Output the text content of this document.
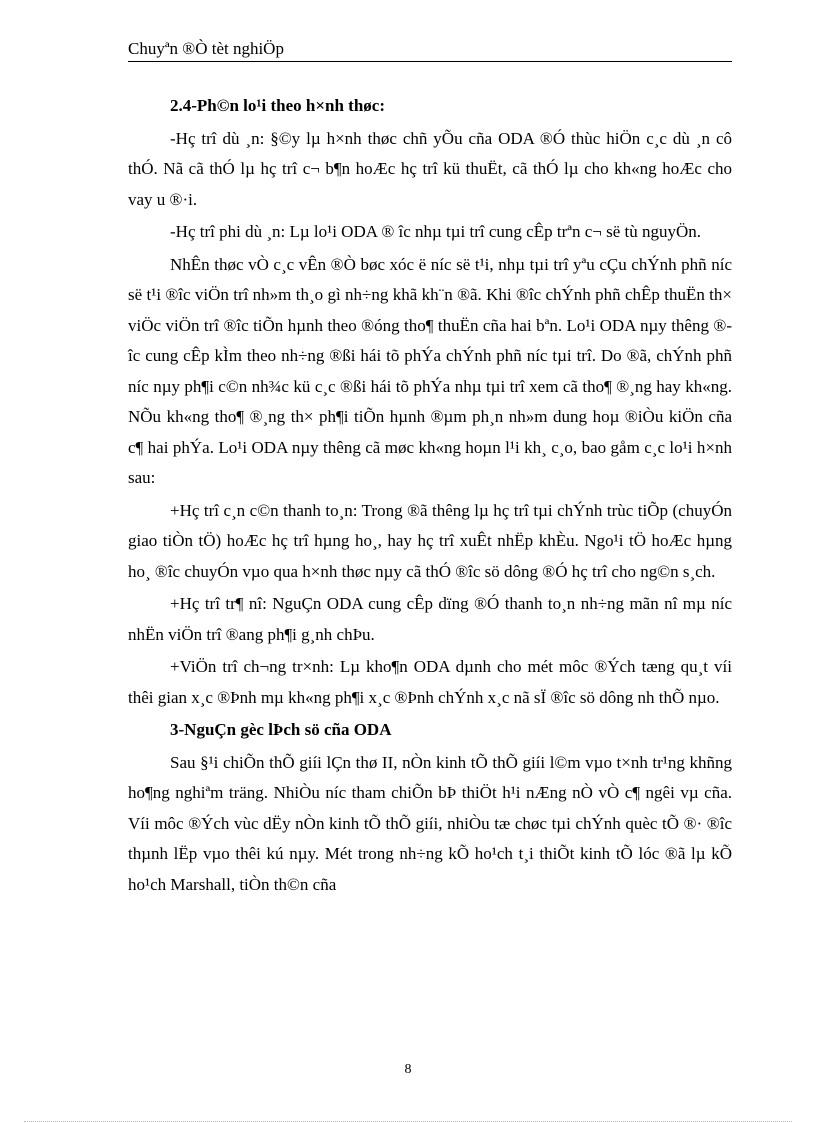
Chuyªn ®Ò tèt nghiÖp

2.4-Ph©n lo¹i theo h×nh thøc:

-Hç trî dù ¸n: §©y lµ h×nh thøc chñ yÕu cña ODA ®Ó thùc hiÖn c¸c dù ¸n cô thÓ. Nã cã thÓ lµ hç trî c¬ b¶n hoÆc hç trî kü thuËt, cã thÓ lµ cho kh«ng hoÆc cho vay u ®·i.

-Hç trî phi dù ¸n: Lµ lo¹i ODA ® îc nhµ tµi trî cung cÊp trªn c¬ së tù nguyÖn.

NhÊn thøc vÒ c¸c vÊn ®Ò bøc xóc ë níc së t¹i, nhµ tµi trî yªu cÇu chÝnh phñ níc së t¹i ®îc viÖn trî nh»m th¸o gì nh÷ng khã kh¨n ®ã. Khi ®îc chÝnh phñ chÊp thuËn th× viÖc viÖn trî ®îc tiÕn hµnh theo ®óng tho¶ thuËn cña hai bªn. Lo¹i ODA nµy thêng ®îc cung cÊp kÌm theo nh÷ng ®ßi hái tõ phÝa chÝnh phñ níc tµi trî. Do ®ã, chÝnh phñ níc nµy ph¶i c©n nh¾c kü c¸c ®ßi hái tõ phÝa nhµ tµi trî xem cã tho¶ ®¸ng hay kh«ng. NÕu kh«ng tho¶ ®¸ng th× ph¶i tiÕn hµnh ®µm ph¸n nh»m dung hoµ ®iÒu kiÖn cña c¶ hai phÝa. Lo¹i ODA nµy thêng cã møc kh«ng hoµn l¹i kh¸ c¸o, bao gåm c¸c lo¹i h×nh sau:

+Hç trî c¸n c©n thanh to¸n: Trong ®ã thêng lµ hç trî tµi chÝnh trùc tiÕp (chuyÓn giao tiÒn tÖ) hoÆc hç trî hµng ho¸, hay hç trî xuÊt nhËp khÈu. Ngo¹i tÖ hoÆc hµng ho¸ ®îc chuyÓn vµo qua h×nh thøc nµy cã thÓ ®îc sö dông ®Ó hç trî cho ng©n s¸ch.

+Hç trî tr¶ nî: NguÇn ODA cung cÊp dïng ®Ó thanh to¸n nh÷ng mãn nî mµ níc nhËn viÖn trî ®ang ph¶i g¸nh chÞu.

+ViÖn trî ch¬ng tr×nh: Lµ kho¶n ODA dµnh cho mét môc ®Ých tæng qu¸t víi thêi gian x¸c ®Þnh mµ kh«ng ph¶i x¸c ®Þnh chÝnh x¸c nã sÏ ®îc sö dông nh thÕ nµo.

3-NguÇn gèc lÞch sö cña ODA

Sau §¹i chiÕn thÕ giíi lÇn thø II, nÒn kinh tÕ thÕ giíi l©m vµo t×nh tr¹ng khñng ho¶ng nghiªm träng. NhiÒu níc tham chiÕn bÞ thiÖt h¹i nÆng nÒ vÒ c¶ ngêi vµ cña. Víi môc ®Ých vùc dËy nÒn kinh tÕ thÕ giíi, nhiÒu tæ chøc tµi chÝnh quèc tÕ ®· ®îc thµnh lËp vµo thêi kú nµy. Mét trong nh÷ng kÕ ho¹ch t¸i thiÕt kinh tÕ lóc ®ã lµ kÕ ho¹ch Marshall, tiÒn th©n cña

8
